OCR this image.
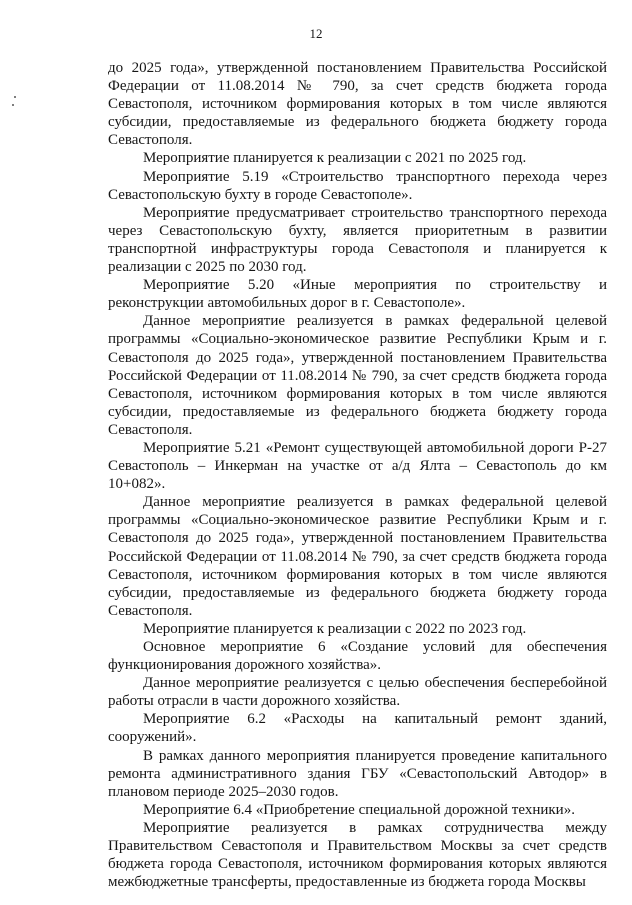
12

до 2025 года», утвержденной постановлением Правительства Российской Федерации от 11.08.2014 № 790, за счет средств бюджета города Севастополя, источником формирования которых в том числе являются субсидии, предоставляемые из федерального бюджета бюджету города Севастополя.

Мероприятие планируется к реализации с 2021 по 2025 год.

Мероприятие 5.19 «Строительство транспортного перехода через Севастопольскую бухту в городе Севастополе».

Мероприятие предусматривает строительство транспортного перехода через Севастопольскую бухту, является приоритетным в развитии транспортной инфраструктуры города Севастополя и планируется к реализации с 2025 по 2030 год.

Мероприятие 5.20 «Иные мероприятия по строительству и реконструкции автомобильных дорог в г. Севастополе».

Данное мероприятие реализуется в рамках федеральной целевой программы «Социально-экономическое развитие Республики Крым и г. Севастополя до 2025 года», утвержденной постановлением Правительства Российской Федерации от 11.08.2014 № 790, за счет средств бюджета города Севастополя, источником формирования которых в том числе являются субсидии, предоставляемые из федерального бюджета бюджету города Севастополя.

Мероприятие 5.21 «Ремонт существующей автомобильной дороги Р-27 Севастополь – Инкерман на участке от а/д Ялта – Севастополь до км 10+082».

Данное мероприятие реализуется в рамках федеральной целевой программы «Социально-экономическое развитие Республики Крым и г. Севастополя до 2025 года», утвержденной постановлением Правительства Российской Федерации от 11.08.2014 № 790, за счет средств бюджета города Севастополя, источником формирования которых в том числе являются субсидии, предоставляемые из федерального бюджета бюджету города Севастополя.

Мероприятие планируется к реализации с 2022 по 2023 год.

Основное мероприятие 6 «Создание условий для обеспечения функционирования дорожного хозяйства».

Данное мероприятие реализуется с целью обеспечения бесперебойной работы отрасли в части дорожного хозяйства.

Мероприятие 6.2 «Расходы на капитальный ремонт зданий, сооружений».

В рамках данного мероприятия планируется проведение капитального ремонта административного здания ГБУ «Севастопольский Автодор» в плановом периоде 2025–2030 годов.

Мероприятие 6.4 «Приобретение специальной дорожной техники».

Мероприятие реализуется в рамках сотрудничества между Правительством Севастополя и Правительством Москвы за счет средств бюджета города Севастополя, источником формирования которых являются межбюджетные трансферты, предоставленные из бюджета города Москвы
